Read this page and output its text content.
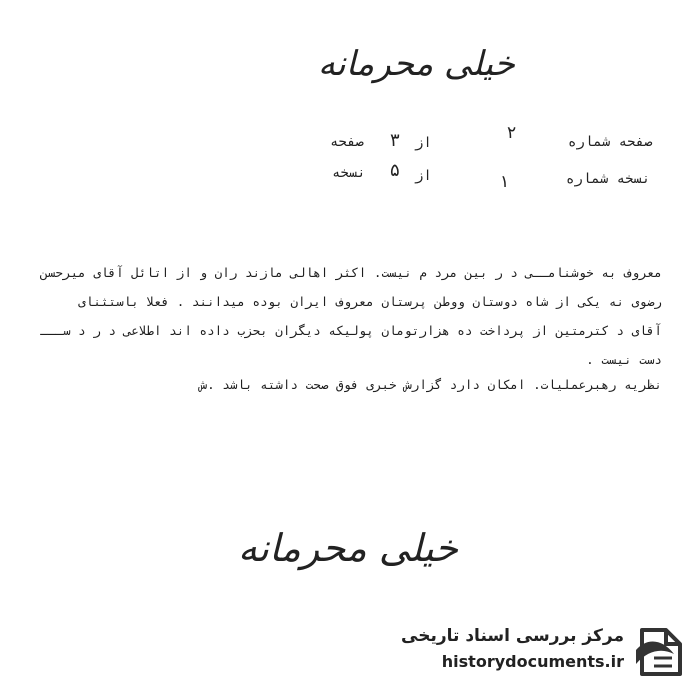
خیلی محرمانه
صفحه شماره
۲
از
۳
صفحه
نسخه شماره
۱
از
۵
نسخه
معروف به خوشنامــی د ر بین مرد م نیست. اکثر اهالی مازند ران و از اتائل آقای میرحسن
رضوی نه یکی از شاه دوستان ووطن پرستان معروف ایران بوده میدانند . فعلا باستثنای
آقای د کترمتین از پرداخت ده هزارتومان پولیکه دیگران بحزب داده اند اطلاعی د ر د ســـ
دست نیست .
نظریه رهبرعملیات. امکان دارد گزارش خبری فوق صحت داشته باشد .ش
خیلی محرمانه
مرکز بررسی اسناد تاریخی
historydocuments.ir
